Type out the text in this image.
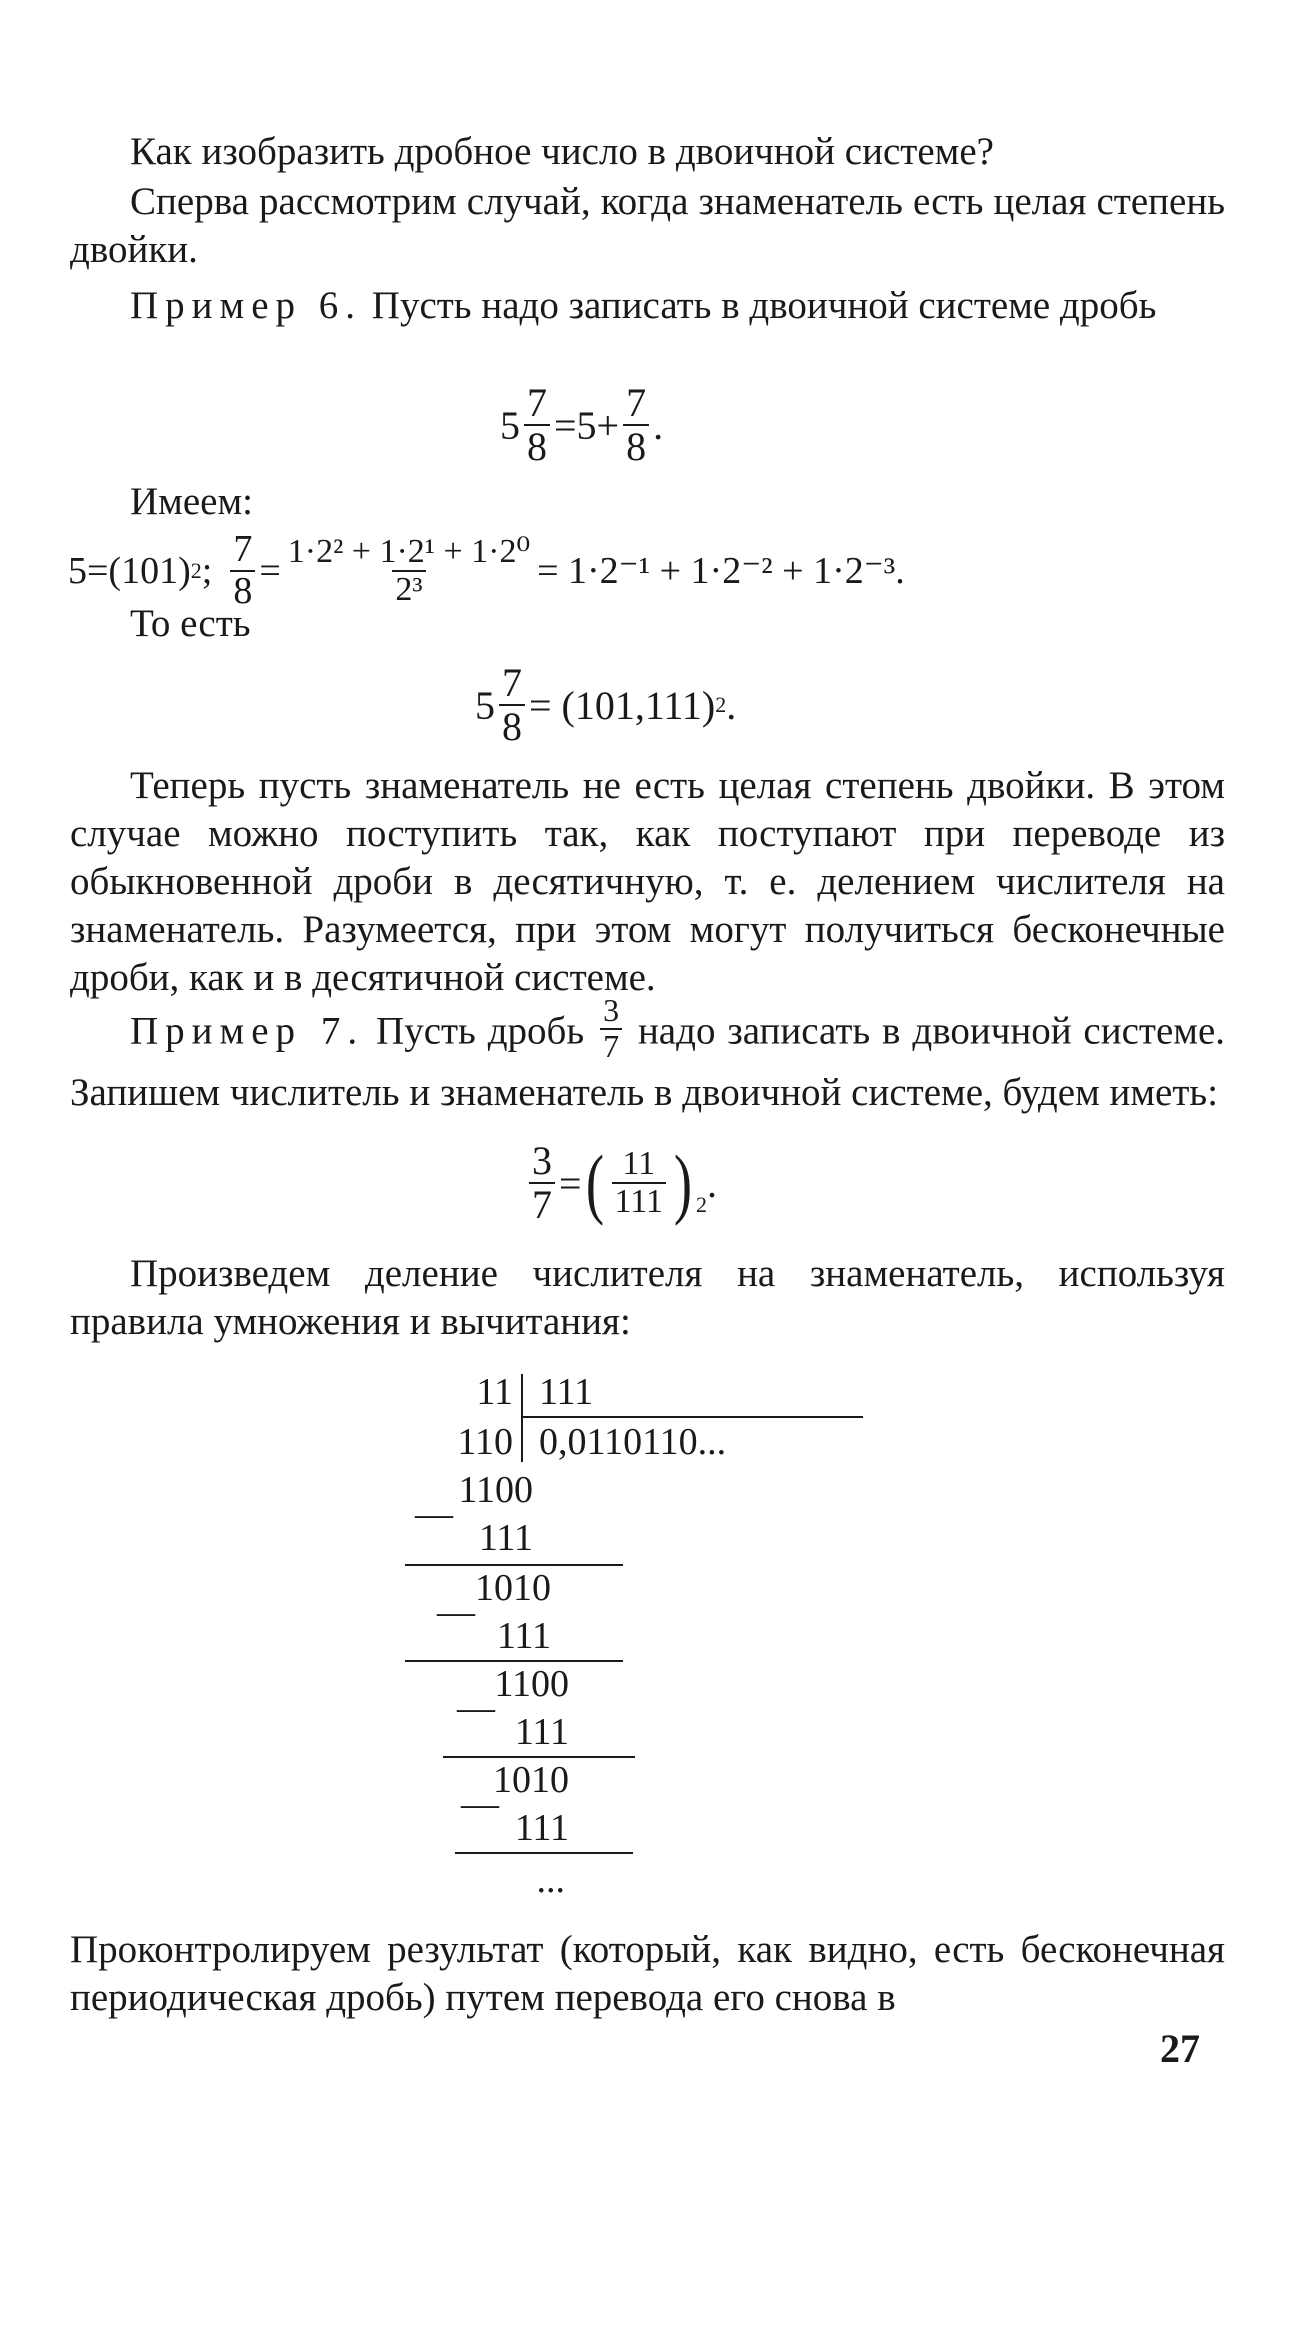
Как изобразить дробное число в двоичной системе?
Сперва рассмотрим случай, когда знаменатель есть целая степень двойки.
Пример 6. Пусть надо записать в двоичной системе дробь
$5 \frac{7}{8} =5+ \frac{7}{8}$ .
Имеем:
5=(101) 2 ; $\frac{7}{8} = \frac{\text{1·2² + 1·2¹ + 1·2⁰}}{\text{2³}} = 1\cdot 2^{-1} + 1\cdot 2^{-2} + 1\cdot 2^{-3}$.
То есть
$5 \frac{7}{8} = (101,111)$ 2 .
Теперь пусть знаменатель не есть целая степень двойки. В этом случае можно поступить так, как поступают при переводе из обыкновенной дроби в десятичную, т. е. делением числителя на знаменатель. Разумеется, при этом могут получиться бесконечные дроби, как и в десятичной системе.
Пример 7. Пусть дробь $\frac{3}{7}$ надо записать в двоичной системе. Запишем числитель и знаменатель в двоичной системе, будем иметь:
$\frac{3}{7}$ = ( $\frac{11}{111} )_2$ .
Произведем деление числителя на знаменатель, используя правила умножения и вычитания:
11 111
110 0,0110110...
1100
—
111
1010
—
111
1100
—
111
1010
—
111
...
Проконтролируем результат (который, как видно, есть бесконечная периодическая дробь) путем перевода его снова в
27
